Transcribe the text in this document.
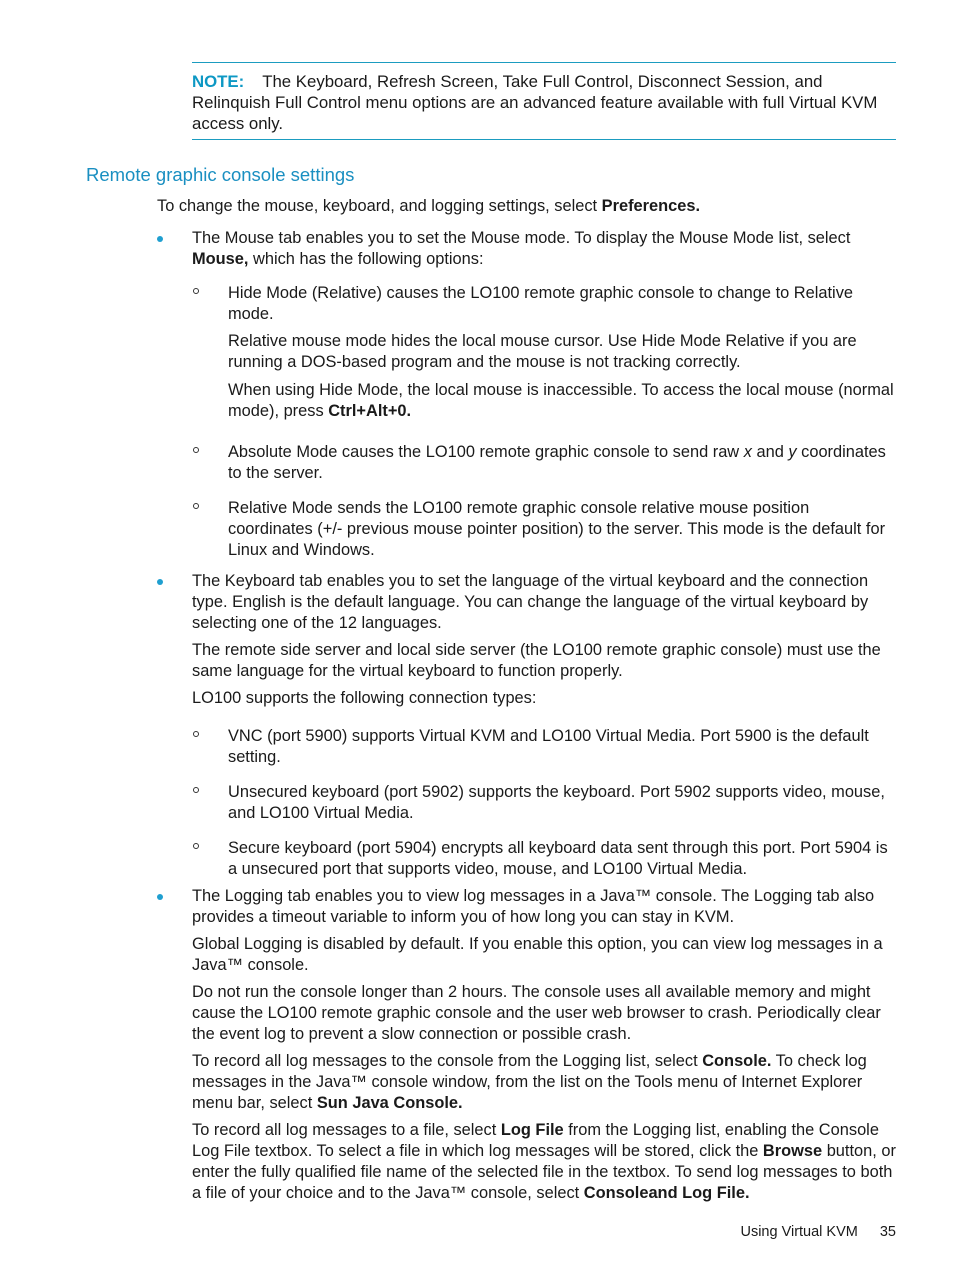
NOTE: The Keyboard, Refresh Screen, Take Full Control, Disconnect Session, and Relinquish Full Control menu options are an advanced feature available with full Virtual KVM access only.
Remote graphic console settings

To change the mouse, keyboard, and logging settings, select Preferences.

The Mouse tab enables you to set the Mouse mode. To display the Mouse Mode list, select Mouse, which has the following options:

Hide Mode (Relative) causes the LO100 remote graphic console to change to Relative mode.

Relative mouse mode hides the local mouse cursor. Use Hide Mode Relative if you are running a DOS-based program and the mouse is not tracking correctly.

When using Hide Mode, the local mouse is inaccessible. To access the local mouse (normal mode), press Ctrl+Alt+0.

Absolute Mode causes the LO100 remote graphic console to send raw x and y coordinates to the server.

Relative Mode sends the LO100 remote graphic console relative mouse position coordinates (+/- previous mouse pointer position) to the server. This mode is the default for Linux and Windows.

The Keyboard tab enables you to set the language of the virtual keyboard and the connection type. English is the default language. You can change the language of the virtual keyboard by selecting one of the 12 languages.

The remote side server and local side server (the LO100 remote graphic console) must use the same language for the virtual keyboard to function properly.

LO100 supports the following connection types:

VNC (port 5900) supports Virtual KVM and LO100 Virtual Media. Port 5900 is the default setting.

Unsecured keyboard (port 5902) supports the keyboard. Port 5902 supports video, mouse, and LO100 Virtual Media.

Secure keyboard (port 5904) encrypts all keyboard data sent through this port. Port 5904 is a unsecured port that supports video, mouse, and LO100 Virtual Media.

The Logging tab enables you to view log messages in a Java™ console. The Logging tab also provides a timeout variable to inform you of how long you can stay in KVM.

Global Logging is disabled by default. If you enable this option, you can view log messages in a Java™ console.

Do not run the console longer than 2 hours. The console uses all available memory and might cause the LO100 remote graphic console and the user web browser to crash. Periodically clear the event log to prevent a slow connection or possible crash.

To record all log messages to the console from the Logging list, select Console. To check log messages in the Java™ console window, from the list on the Tools menu of Internet Explorer menu bar, select Sun Java Console.

To record all log messages to a file, select Log File from the Logging list, enabling the Console Log File textbox. To select a file in which log messages will be stored, click the Browse button, or enter the fully qualified file name of the selected file in the textbox. To send log messages to both a file of your choice and to the Java™ console, select Consoleand Log File.

Using Virtual KVM 35
